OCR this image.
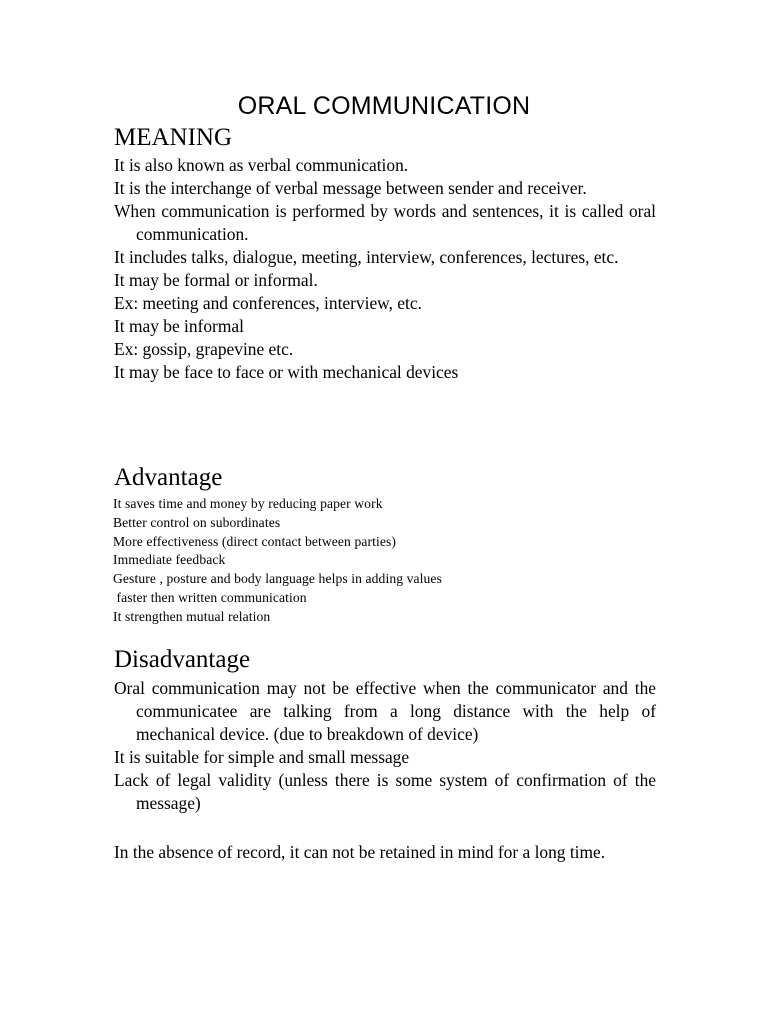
ORAL COMMUNICATION
MEANING
It is also known as verbal communication.
It is the interchange of verbal message between sender and receiver.
When communication is performed by words and sentences, it is called oral communication.
It includes talks, dialogue, meeting, interview, conferences, lectures, etc.
It may be formal or informal.
Ex: meeting and conferences, interview, etc.
It may be informal
Ex: gossip, grapevine etc.
It may be face to face or with mechanical devices
Advantage
It saves time and money by reducing paper work
Better control on subordinates
More effectiveness (direct contact between parties)
Immediate feedback
Gesture , posture and body language helps in adding values
faster then written communication
It strengthen mutual relation
Disadvantage
Oral communication may not be effective when the communicator and the communicatee are talking from a long distance with the help of mechanical device. (due to breakdown of device)
It is suitable for simple and small message
Lack of legal validity (unless there is some system of confirmation of the message)
In the absence of record, it can not be retained in mind for a long time.
